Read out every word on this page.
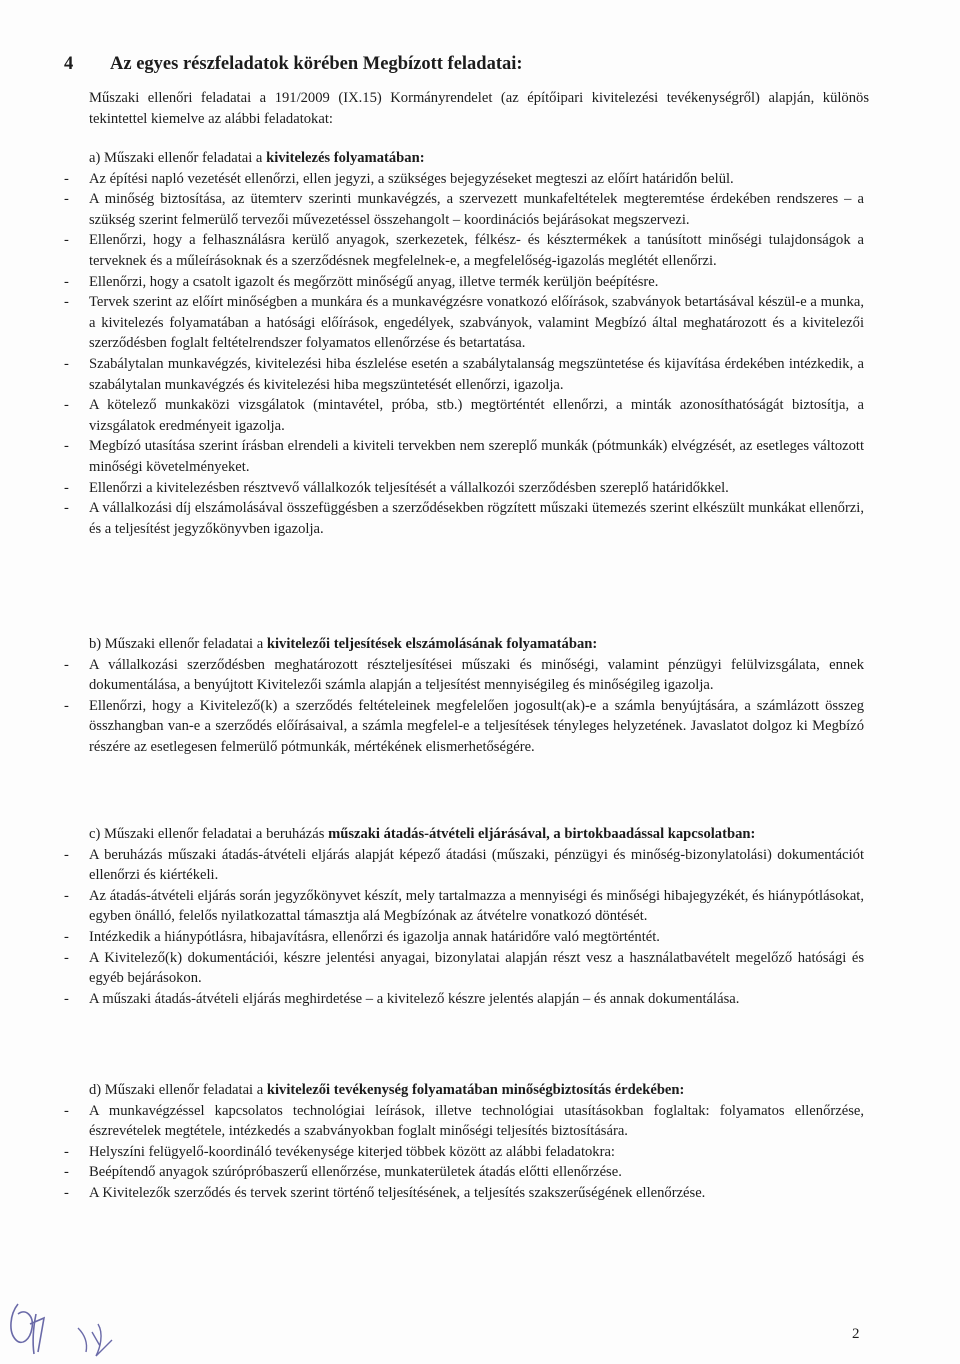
4 Az egyes részfeladatok körében Megbízott feladatai:
Műszaki ellenőri feladatai a 191/2009 (IX.15) Kormányrendelet (az építőipari kivitelezési tevékenységről) alapján, különös tekintettel kiemelve az alábbi feladatokat:
a) Műszaki ellenőr feladatai a kivitelezés folyamatában:
- Az építési napló vezetését ellenőrzi, ellen jegyzi, a szükséges bejegyzéseket megteszi az előírt határidőn belül.
- A minőség biztosítása, az ütemterv szerinti munkavégzés, a szervezett munkafeltételek megteremtése érdekében rendszeres – a szükség szerint felmerülő tervezői művezetéssel összehangolt – koordinációs bejárásokat megszervezi.
- Ellenőrzi, hogy a felhasználásra kerülő anyagok, szerkezetek, félkész- és késztermékek a tanúsított minőségi tulajdonságok a terveknek és a műleírásoknak és a szerződésnek megfelelnek-e, a megfelelőség-igazolás meglétét ellenőrzi.
- Ellenőrzi, hogy a csatolt igazolt és megőrzött minőségű anyag, illetve termék kerüljön beépítésre.
- Tervek szerint az előírt minőségben a munkára és a munkavégzésre vonatkozó előírások, szabványok betartásával készül-e a munka, a kivitelezés folyamatában a hatósági előírások, engedélyek, szabványok, valamint Megbízó által meghatározott és a kivitelezői szerződésben foglalt feltételrendszer folyamatos ellenőrzése és betartatása.
- Szabálytalan munkavégzés, kivitelezési hiba észlelése esetén a szabálytalanság megszüntetése és kijavítása érdekében intézkedik, a szabálytalan munkavégzés és kivitelezési hiba megszüntetését ellenőrzi, igazolja.
- A kötelező munkaközi vizsgálatok (mintavétel, próba, stb.) megtörténtét ellenőrzi, a minták azonosíthatóságát biztosítja, a vizsgálatok eredményeit igazolja.
- Megbízó utasítása szerint írásban elrendeli a kiviteli tervekben nem szereplő munkák (pótmunkák) elvégzését, az esetleges változott minőségi követelményeket.
- Ellenőrzi a kivitelezésben résztvevő vállalkozók teljesítését a vállalkozói szerződésben szereplő határidőkkel.
- A vállalkozási díj elszámolásával összefüggésben a szerződésekben rögzített műszaki ütemezés szerint elkészült munkákat ellenőrzi, és a teljesítést jegyzőkönyvben igazolja.
b) Műszaki ellenőr feladatai a kivitelezői teljesítések elszámolásának folyamatában:
- A vállalkozási szerződésben meghatározott részteljesítései műszaki és minőségi, valamint pénzügyi felülvizsgálata, ennek dokumentálása, a benyújtott Kivitelezői számla alapján a teljesítést mennyiségileg és minőségileg igazolja.
- Ellenőrzi, hogy a Kivitelező(k) a szerződés feltételeinek megfelelően jogosult(ak)-e a számla benyújtására, a számlázott összeg összhangban van-e a szerződés előírásaival, a számla megfelel-e a teljesítések tényleges helyzetének. Javaslatot dolgoz ki Megbízó részére az esetlegesen felmerülő pótmunkák, mértékének elismerhetőségére.
c) Műszaki ellenőr feladatai a beruházás műszaki átadás-átvételi eljárásával, a birtokbaadással kapcsolatban:
- A beruházás műszaki átadás-átvételi eljárás alapját képező átadási (műszaki, pénzügyi és minőség-bizonylatolási) dokumentációt ellenőrzi és kiértékeli.
- Az átadás-átvételi eljárás során jegyzőkönyvet készít, mely tartalmazza a mennyiségi és minőségi hibajegyzékét, és hiánypótlásokat, egyben önálló, felelős nyilatkozattal támasztja alá Megbízónak az átvételre vonatkozó döntését.
- Intézkedik a hiánypótlásra, hibajavításra, ellenőrzi és igazolja annak határidőre való megtörténtét.
- A Kivitelező(k) dokumentációi, készre jelentési anyagai, bizonylatai alapján részt vesz a használatbavételt megelőző hatósági és egyéb bejárásokon.
- A műszaki átadás-átvételi eljárás meghirdetése – a kivitelező készre jelentés alapján – és annak dokumentálása.
d) Műszaki ellenőr feladatai a kivitelezői tevékenység folyamatában minőségbiztosítás érdekében:
- A munkavégzéssel kapcsolatos technológiai leírások, illetve technológiai utasításokban foglaltak: folyamatos ellenőrzése, észrevételek megtétele, intézkedés a szabványokban foglalt minőségi teljesítés biztosítására.
- Helyszíni felügyelő-koordináló tevékenysége kiterjed többek között az alábbi feladatokra:
- Beépítendő anyagok szúrópróbaszerű ellenőrzése, munkaterületek átadás előtti ellenőrzése.
- A Kivitelezők szerződés és tervek szerint történő teljesítésének, a teljesítés szakszerűségének ellenőrzése.
2
